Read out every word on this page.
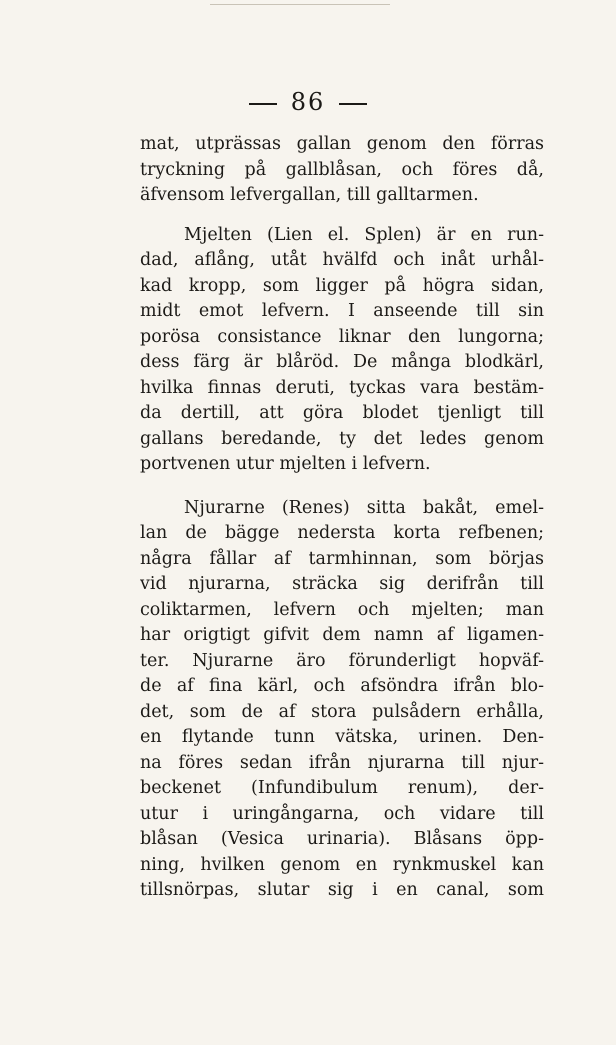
86
mat, utprässas gallan genom den förras
tryckning på gallblåsan, och föres då,
äfvensom lefvergallan, till galltarmen.
Mjelten (Lien el. Splen) är en run-
dad, aflång, utåt hvälfd och inåt urhål-
kad kropp, som ligger på högra sidan,
midt emot lefvern. I anseende till sin
porösa consistance liknar den lungorna;
dess färg är blåröd. De många blodkärl,
hvilka finnas deruti, tyckas vara bestäm-
da dertill, att göra blodet tjenligt till
gallans beredande, ty det ledes genom
portvenen utur mjelten i lefvern.
Njurarne (Renes) sitta bakåt, emel-
lan de bägge nedersta korta refbenen;
några fållar af tarmhinnan, som börjas
vid njurarna, sträcka sig derifrån till
coliktarmen, lefvern och mjelten; man
har origtigt gifvit dem namn af ligamen-
ter. Njurarne äro förunderligt hopväf-
de af fina kärl, och afsöndra ifrån blo-
det, som de af stora pulsådern erhålla,
en flytande tunn vätska, urinen. Den-
na föres sedan ifrån njurarna till njur-
beckenet (Infundibulum renum), der-
utur i uringångarna, och vidare till
blåsan (Vesica urinaria). Blåsans öpp-
ning, hvilken genom en rynkmuskel kan
tillsnörpas, slutar sig i en canal, som
